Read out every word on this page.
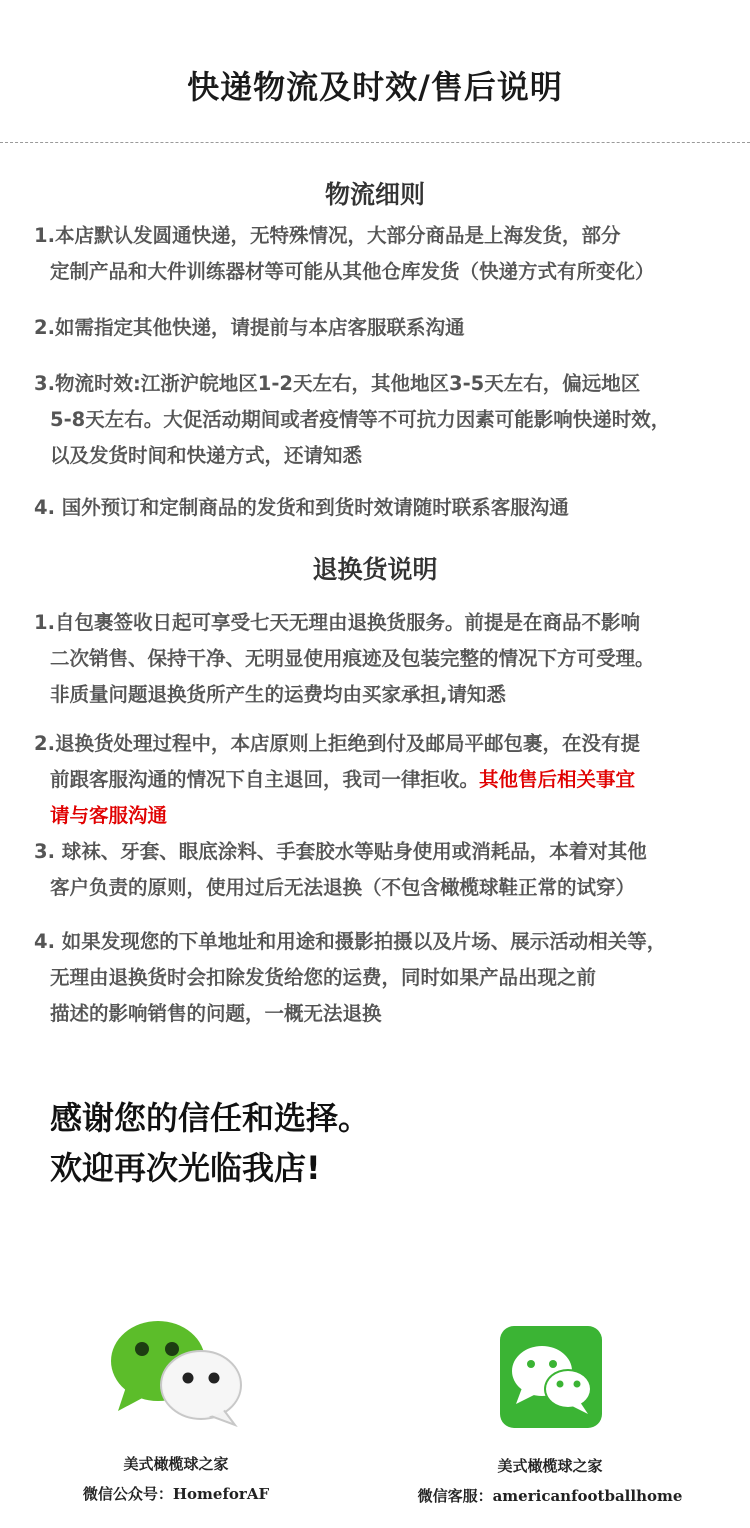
快递物流及时效/售后说明
物流细则
1.本店默认发圆通快递，无特殊情况，大部分商品是上海发货，部分
定制产品和大件训练器材等可能从其他仓库发货（快递方式有所变化）
2.如需指定其他快递，请提前与本店客服联系沟通
3.物流时效:江浙沪皖地区1-2天左右，其他地区3-5天左右，偏远地区
5-8天左右。大促活动期间或者疫情等不可抗力因素可能影响快递时效，
以及发货时间和快递方式，还请知悉
4. 国外预订和定制商品的发货和到货时效请随时联系客服沟通
退换货说明
1.自包裹签收日起可享受七天无理由退换货服务。前提是在商品不影响
二次销售、保持干净、无明显使用痕迹及包装完整的情况下方可受理。
非质量问题退换货所产生的运费均由买家承担,请知悉
2.退换货处理过程中，本店原则上拒绝到付及邮局平邮包裹，在没有提
前跟客服沟通的情况下自主退回，我司一律拒收。其他售后相关事宜
请与客服沟通
3. 球袜、牙套、眼底涂料、手套胶水等贴身使用或消耗品，本着对其他
客户负责的原则，使用过后无法退换（不包含橄榄球鞋正常的试穿）
4. 如果发现您的下单地址和用途和摄影拍摄以及片场、展示活动相关等，
无理由退换货时会扣除发货给您的运费，同时如果产品出现之前
描述的影响销售的问题，一概无法退换
感谢您的信任和选择。
欢迎再次光临我店!
美式橄榄球之家
微信公众号：HomeforAF
美式橄榄球之家
微信客服：americanfootballhome
